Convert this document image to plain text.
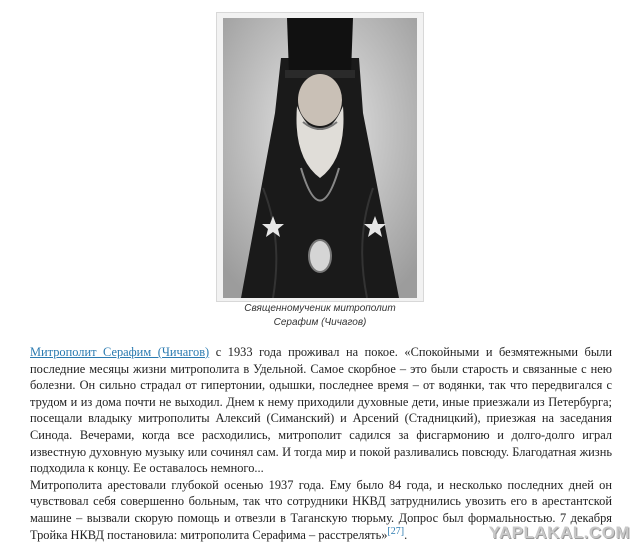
Священномученик митрополит
Серафим (Чичагов)

Митрополит Серафим (Чичагов) с 1933 года проживал на покое. «Спокойными и безмятежными были последние месяцы жизни митрополита в Удельной. Самое скорбное – это были старость и связанные с нею болезни. Он сильно страдал от гипертонии, одышки, последнее время – от водянки, так что передвигался с трудом и из дома почти не выходил. Днем к нему приходили духовные дети, иные приезжали из Петербурга; посещали владыку митрополиты Алексий (Симанский) и Арсений (Стадницкий), приезжая на заседания Синода. Вечерами, когда все расходились, митрополит садился за фисгармонию и долго-долго играл известную духовную музыку или сочинял сам. И тогда мир и покой разливались повсюду. Благодатная жизнь подходила к концу. Ее оставалось немного...

Митрополита арестовали глубокой осенью 1937 года. Ему было 84 года, и несколько последних дней он чувствовал себя совершенно больным, так что сотрудники НКВД затруднились увозить его в арестантской машине – вызвали скорую помощь и отвезли в Таганскую тюрьму. Допрос был формальностью. 7 декабря Тройка НКВД постановила: митрополита Серафима – расстрелять»[27].	YAPLAKAL.COM
